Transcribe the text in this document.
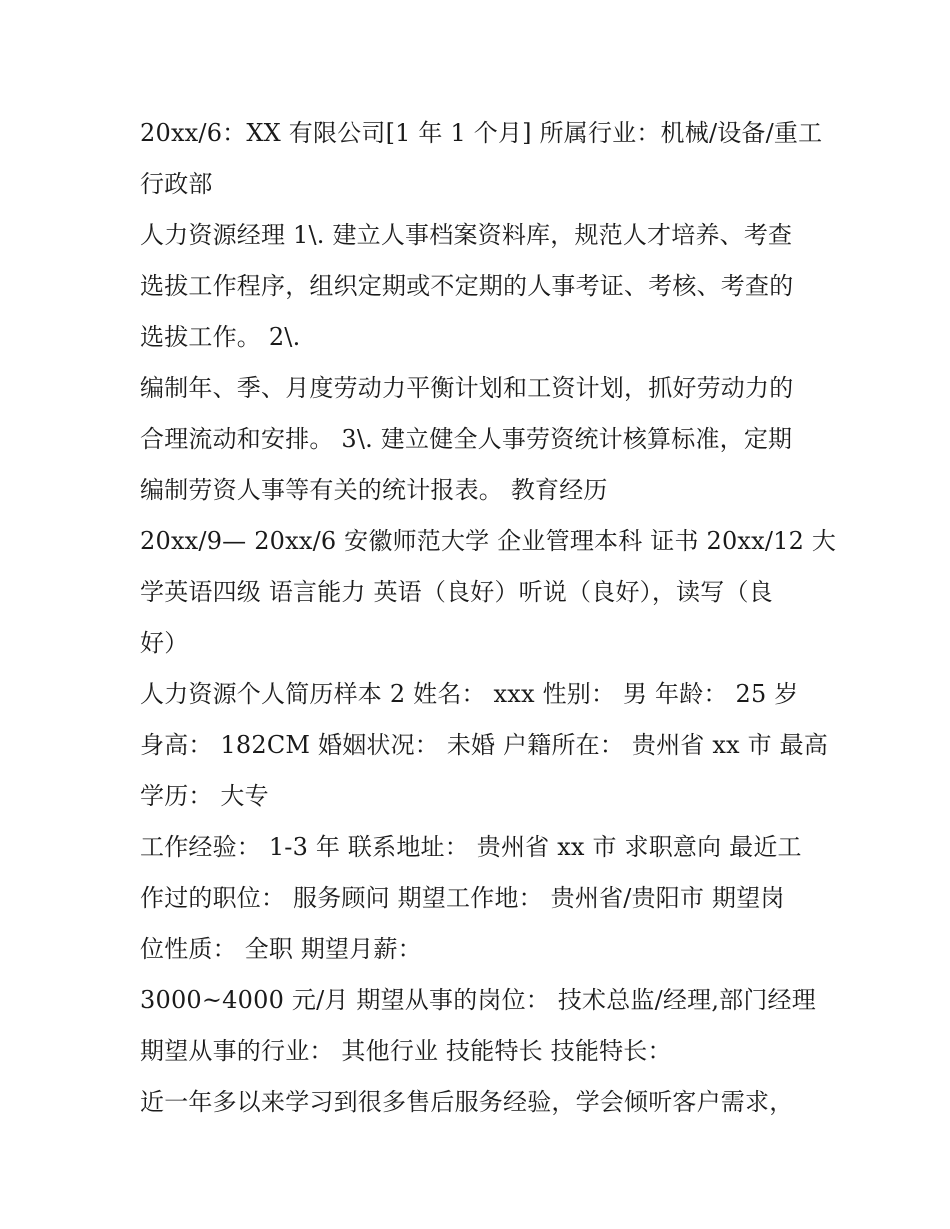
20xx/6：XX 有限公司[1 年 1 个月] 所属行业：机械/设备/重工
行政部
人力资源经理 1\. 建立人事档案资料库，规范人才培养、考查
选拔工作程序，组织定期或不定期的人事考证、考核、考查的
选拔工作。 2\.
编制年、季、月度劳动力平衡计划和工资计划，抓好劳动力的
合理流动和安排。 3\. 建立健全人事劳资统计核算标准，定期
编制劳资人事等有关的统计报表。 教育经历
20xx/9— 20xx/6 安徽师范大学 企业管理本科 证书 20xx/12 大
学英语四级 语言能力 英语（良好）听说（良好），读写（良
好）
人力资源个人简历样本 2 姓名： xxx 性别： 男 年龄： 25 岁
身高： 182CM 婚姻状况： 未婚 户籍所在： 贵州省 xx 市 最高
学历： 大专
工作经验： 1-3 年 联系地址： 贵州省 xx 市 求职意向 最近工
作过的职位： 服务顾问 期望工作地： 贵州省/贵阳市 期望岗
位性质： 全职 期望月薪：
3000~4000 元/月 期望从事的岗位： 技术总监/经理,部门经理
期望从事的行业： 其他行业 技能特长 技能特长：
近一年多以来学习到很多售后服务经验，学会倾听客户需求，
